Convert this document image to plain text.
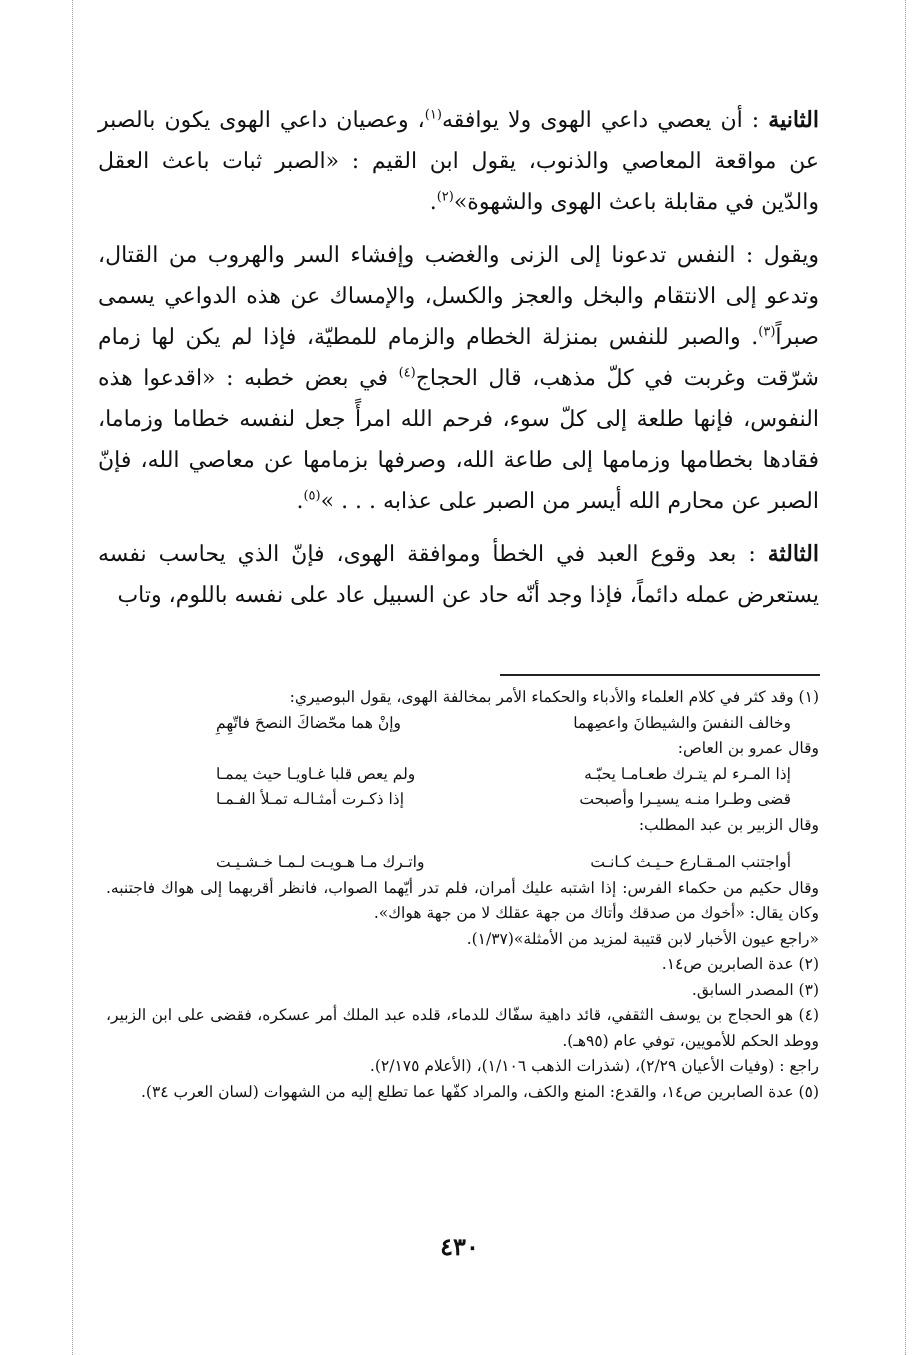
الثانية : أن يعصي داعي الهوى ولا يوافقه$^{(١)}$، وعصيان داعي الهوى يكون بالصبر عن مواقعة المعاصي والذنوب، يقول ابن القيم : «الصبر ثبات باعث العقل والدّين في مقابلة باعث الهوى والشهوة»$^{(٢)}$.

ويقول : النفس تدعونا إلى الزنى والغضب وإفشاء السر والهروب من القتال، وتدعو إلى الانتقام والبخل والعجز والكسل، والإمساك عن هذه الدواعي يسمى صبراً$^{(٣)}$. والصبر للنفس بمنزلة الخطام والزمام للمطيّة، فإذا لم يكن لها زمام شرّقت وغربت في كلّ مذهب، قال الحجاج$^{(٤)}$ في بعض خطبه : «اقدعوا هذه النفوس، فإنها طلعة إلى كلّ سوء، فرحم الله امرأً جعل لنفسه خطاما وزماما، فقادها بخطامها وزمامها إلى طاعة الله، وصرفها بزمامها عن معاصي الله، فإنّ الصبر عن محارم الله أيسر من الصبر على عذابه . . . »$^{(٥)}$.

الثالثة : بعد وقوع العبد في الخطأ وموافقة الهوى، فإنّ الذي يحاسب نفسه يستعرض عمله دائماً، فإذا وجد أنّه حاد عن السبيل عاد على نفسه باللوم، وتاب

(١) وقد كثر في كلام العلماء والأدباء والحكماء الأمر بمخالفة الهوى، يقول البوصيري:

وخالف النفسَ والشيطانَ واعصِهما
وإنْ هما محّضاكَ النصحَ فاتّهِمِ

وقال عمرو بن العاص:

إذا المـرء لم يتـرك طعـامـا يحبّـه
ولم يعص قلبا غـاويـا حيث يممـا

قضى وطـرا منـه يسيـرا وأصبحت
إذا ذكـرت أمثـالـه تمـلأ الفـمـا

وقال الزبير بن عبد المطلب:

أواجتنب المـقـارع حـيـث كـانـت
واتـرك مـا هـويـت لـمـا خـشـيـت

وقال حكيم من حكماء الفرس: إذا اشتبه عليك أمران، فلم تدر أيّهما الصواب، فانظر أقربهما إلى هواك فاجتنبه. وكان يقال: «أخوك من صدقك وأتاك من جهة عقلك لا من جهة هواك».

«راجع عيون الأخبار لابن قتيبة لمزيد من الأمثلة»(١/٣٧).

(٢) عدة الصابرين ص١٤.

(٣) المصدر السابق.

(٤) هو الحجاج بن يوسف الثقفي، قائد داهية سفّاك للدماء، قلده عبد الملك أمر عسكره، فقضى على ابن الزبير، ووطد الحكم للأمويين، توفي عام (٩٥هـ).

راجع : (وفيات الأعيان ٢/٢٩)، (شذرات الذهب ١/١٠٦)، (الأعلام ٢/١٧٥).

(٥) عدة الصابرين ص١٤، والقدع: المنع والكف، والمراد كفّها عما تطلع إليه من الشهوات (لسان العرب ٣٤).

٤٣٠
